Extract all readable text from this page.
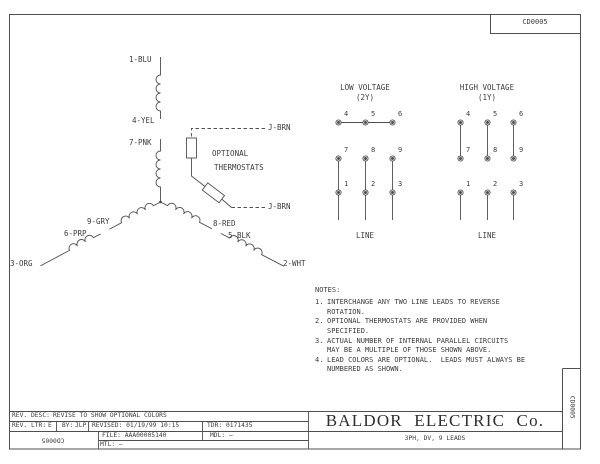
CD0005
1-BLU
4-YEL
7-PNK
9-GRY
6-PRP
3-ORG
8-RED
5-BLK
2-WHT
J-BRN
J-BRN
OPTIONAL
THERMOSTATS
LOW VOLTAGE
(2Y)
LINE
HIGH VOLTAGE
(1Y)
LINE
4	5	6
7	8	9
1	2	3
4	5	6
7	8	9
1	2	3
NOTES:
1. INTERCHANGE ANY TWO LINE LEADS TO REVERSE
ROTATION.
2. OPTIONAL THERMOSTATS ARE PROVIDED WHEN
SPECIFIED.
3. ACTUAL NUMBER OF INTERNAL PARALLEL CIRCUITS
MAY BE A MULTIPLE OF THOSE SHOWN ABOVE.
4. LEAD COLORS ARE OPTIONAL.  LEADS MUST ALWAYS BE
NUMBERED AS SHOWN.
REV. DESC: REVISE TO SHOW OPTIONAL COLORS
REV. LTR: E BY: JLP REVISED: 01/19/99 10:15	TDR: 0171435
FILE: AAA00005140	MDL: –
MTL: –
CD0005
BALDOR ELECTRIC Co.
3PH, DV, 9 LEADS
CD0005
